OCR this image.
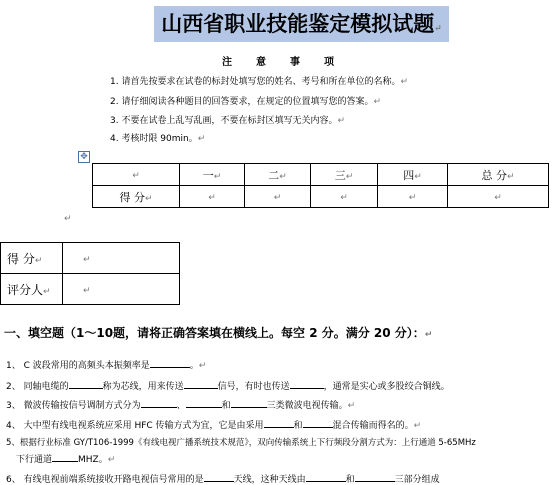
山西省职业技能鉴定模拟试题↵
注 意 事 项
1. 请首先按要求在试卷的标封处填写您的姓名、考号和所在单位的名称。↵
2. 请仔细阅读各种题目的回答要求，在规定的位置填写您的答案。↵
3. 不要在试卷上乱写乱画，不要在标封区填写无关内容。↵
4. 考核时限 90min。↵
✥
↵	一↵	二↵	三↵	四↵	总 分↵
得 分↵	↵	↵	↵	↵	↵
↵
得 分↵	↵
评分人↵	↵
一、填空题（1～10题，请将正确答案填在横线上。每空 2 分。满分 20 分）：↵
1、 C 波段常用的高频头本振频率是	。↵
2、 同轴电缆的	称为芯线，用来传送	信号，有时也传送	，通常是实心或多股绞合铜线。
3、 微波传输按信号调制方式分为	、	和	三类微波电视传输。↵
4、 大中型有线电视系统应采用 HFC 传输方式为宜，它是由采用	和	混合传输而得名的。↵
5、根据行业标准 GY/T106-1999《有线电视广播系统技术规范》，双向传输系统上下行频段分割方式为：上行通道 5-65MHz
下行通道	MHZ。↵
6、 有线电视前端系统接收开路电视信号常用的是	天线，这种天线由	和	三部分组成
